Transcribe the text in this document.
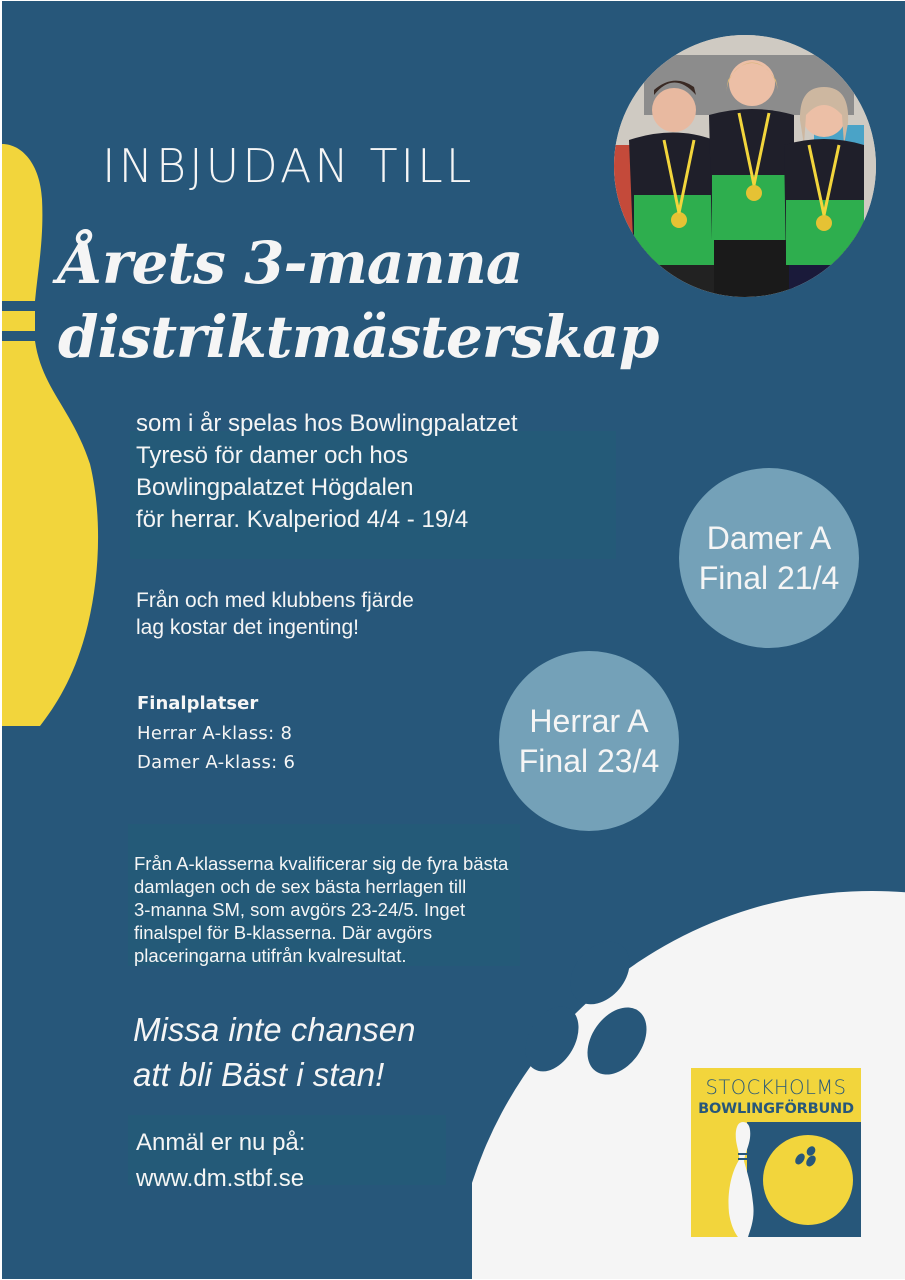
INBJUDAN TILL
Årets 3-manna
distriktmästerskap
som i år spelas hos Bowlingpalatzet
Tyresö för damer och hos
Bowlingpalatzet Högdalen
för herrar. Kvalperiod 4/4 - 19/4
Från och med klubbens fjärde
lag kostar det ingenting!
Finalplatser
Herrar A-klass: 8
Damer A-klass: 6
Damer A
Final 21/4
Herrar A
Final 23/4
Från A-klasserna kvalificerar sig de fyra bästa
damlagen och de sex bästa herrlagen till
3-manna SM, som avgörs 23-24/5. Inget
finalspel för B-klasserna. Där avgörs
placeringarna utifrån kvalresultat.
Missa inte chansen
att bli Bäst i stan!
Anmäl er nu på:
www.dm.stbf.se
STOCKHOLMS
BOWLINGFÖRBUND
